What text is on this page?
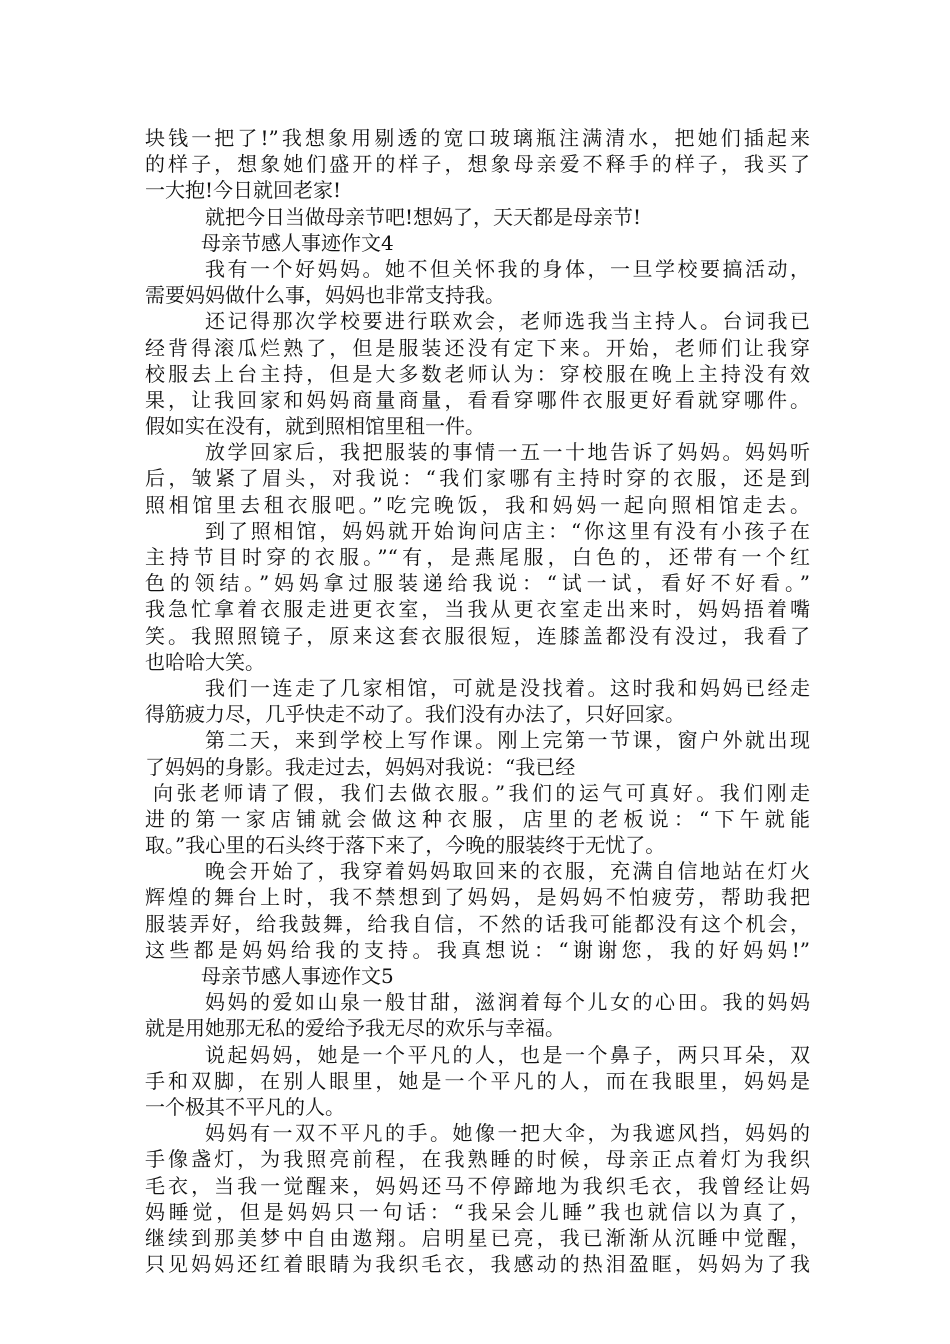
块钱一把了!”我想象用剔透的宽口玻璃瓶注满清水，把她们插起来
的样子，想象她们盛开的样子，想象母亲爱不释手的样子，我买了
一大抱!今日就回老家!
就把今日当做母亲节吧!想妈了，天天都是母亲节!
母亲节感人事迹作文4
我有一个好妈妈。她不但关怀我的身体，一旦学校要搞活动，
需要妈妈做什么事，妈妈也非常支持我。
还记得那次学校要进行联欢会，老师选我当主持人。台词我已
经背得滚瓜烂熟了，但是服装还没有定下来。开始，老师们让我穿
校服去上台主持，但是大多数老师认为：穿校服在晚上主持没有效
果，让我回家和妈妈商量商量，看看穿哪件衣服更好看就穿哪件。
假如实在没有，就到照相馆里租一件。
放学回家后，我把服装的事情一五一十地告诉了妈妈。妈妈听
后，皱紧了眉头，对我说：“我们家哪有主持时穿的衣服，还是到
照相馆里去租衣服吧。”吃完晚饭，我和妈妈一起向照相馆走去。
到了照相馆，妈妈就开始询问店主：“你这里有没有小孩子在
主持节目时穿的衣服。”“有，是燕尾服，白色的，还带有一个红
色的领结。”妈妈拿过服装递给我说：“试一试，看好不好看。”
我急忙拿着衣服走进更衣室，当我从更衣室走出来时，妈妈捂着嘴
笑。我照照镜子，原来这套衣服很短，连膝盖都没有没过，我看了
也哈哈大笑。
我们一连走了几家相馆，可就是没找着。这时我和妈妈已经走
得筋疲力尽，几乎快走不动了。我们没有办法了，只好回家。
第二天，来到学校上写作课。刚上完第一节课，窗户外就出现
了妈妈的身影。我走过去，妈妈对我说：“我已经
向张老师请了假，我们去做衣服。”我们的运气可真好。我们刚走
进的第一家店铺就会做这种衣服，店里的老板说：“下午就能
取。”我心里的石头终于落下来了，今晚的服装终于无忧了。
晚会开始了，我穿着妈妈取回来的衣服，充满自信地站在灯火
辉煌的舞台上时，我不禁想到了妈妈，是妈妈不怕疲劳，帮助我把
服装弄好，给我鼓舞，给我自信，不然的话我可能都没有这个机会，
这些都是妈妈给我的支持。我真想说：“谢谢您，我的好妈妈!”
母亲节感人事迹作文5
妈妈的爱如山泉一般甘甜，滋润着每个儿女的心田。我的妈妈
就是用她那无私的爱给予我无尽的欢乐与幸福。
说起妈妈，她是一个平凡的人，也是一个鼻子，两只耳朵，双
手和双脚，在别人眼里，她是一个平凡的人，而在我眼里，妈妈是
一个极其不平凡的人。
妈妈有一双不平凡的手。她像一把大伞，为我遮风挡，妈妈的
手像盏灯，为我照亮前程，在我熟睡的时候，母亲正点着灯为我织
毛衣，当我一觉醒来，妈妈还马不停蹄地为我织毛衣，我曾经让妈
妈睡觉，但是妈妈只一句话：“我呆会儿睡”我也就信以为真了，
继续到那美梦中自由遨翔。启明星已亮，我已渐渐从沉睡中觉醒，
只见妈妈还红着眼睛为我织毛衣，我感动的热泪盈眶，妈妈为了我
